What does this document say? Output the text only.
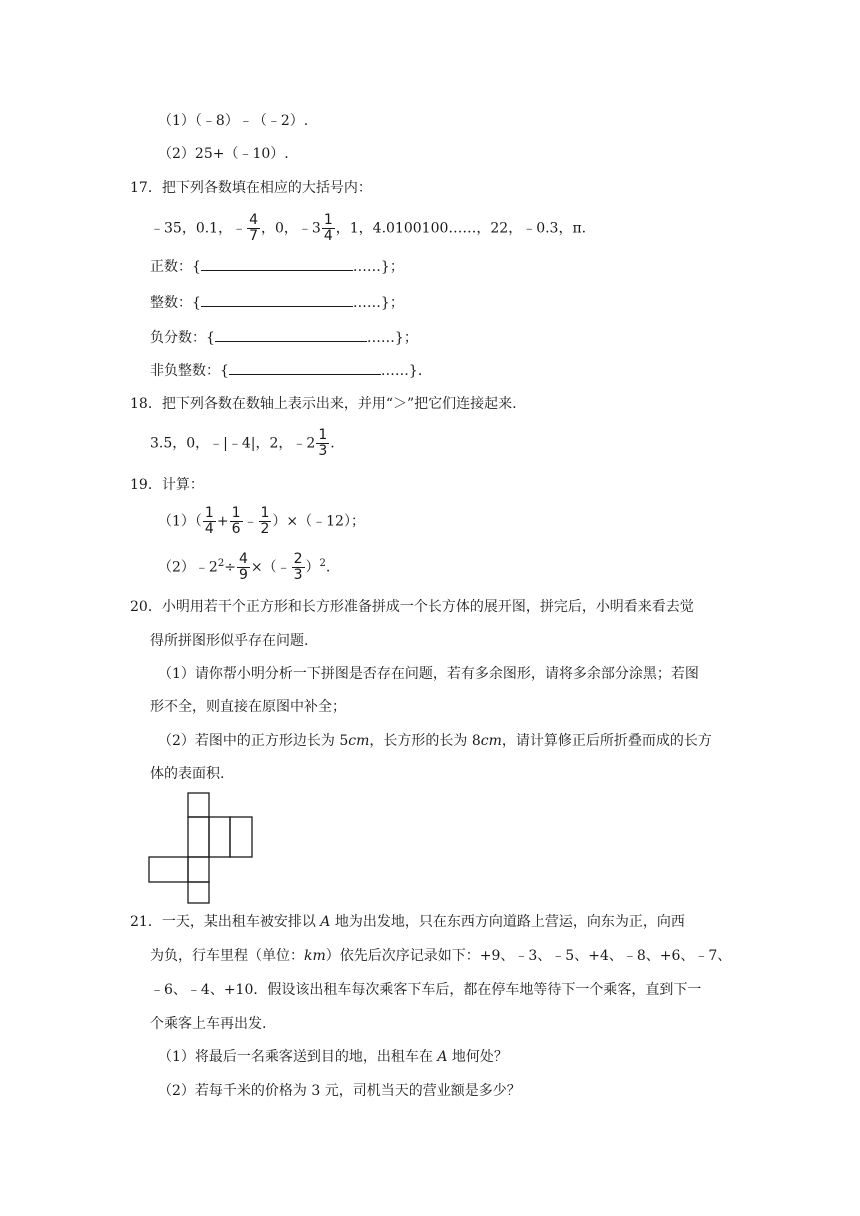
（1）（﹣8）﹣（﹣2）.
（2）25+（﹣10）.
17．把下列各数填在相应的大括号内：
﹣35，0.1，﹣ $\frac{4}{7}$ ，0，﹣3 $\frac{1}{4}$ ，1，4.0100100……，22，﹣0.3，π.
正数：{	……}；
整数：{	……}；
负分数：{	……}；
非负整数：{	……}.
18．把下列各数在数轴上表示出来，并用“＞”把它们连接起来.
3.5，0，﹣|﹣4|，2，﹣2 $\frac{1}{3}$ .
19．计算：
$(1)( \frac{1}{4} + \frac{1}{6}$ ﹣ $\frac{1}{2}$ ）×（﹣12）；
$(2)﹣2^2\div \frac{4}{9}$ ×（﹣ $\frac{2}{3} )^2$.
20．小明用若干个正方形和长方形准备拼成一个长方体的展开图，拼完后，小明看来看去觉
得所拼图形似乎存在问题.
（1）请你帮小明分析一下拼图是否存在问题，若有多余图形，请将多余部分涂黑；若图
形不全，则直接在原图中补全；
（2）若图中的正方形边长为 5cm，长方形的长为 8cm，请计算修正后所折叠而成的长方
体的表面积.
21．一天，某出租车被安排以 A 地为出发地，只在东西方向道路上营运，向东为正，向西
为负，行车里程（单位：km）依先后次序记录如下：+9、﹣3、﹣5、+4、﹣8、+6、﹣7、
﹣6、﹣4、+10．假设该出租车每次乘客下车后，都在停车地等待下一个乘客，直到下一
个乘客上车再出发.
（1）将最后一名乘客送到目的地，出租车在 A 地何处？
（2）若每千米的价格为 3 元，司机当天的营业额是多少？
